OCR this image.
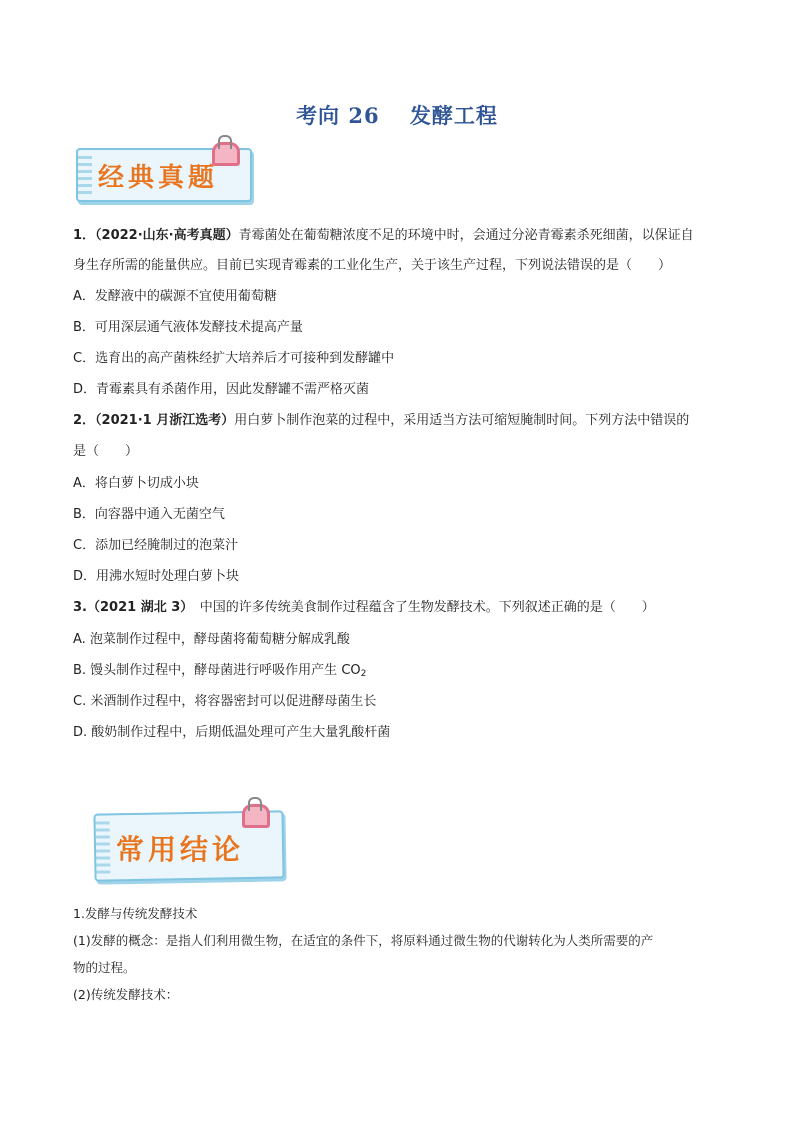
考向 26　 发酵工程
经典真题
1．（2022·山东·高考真题）青霉菌处在葡萄糖浓度不足的环境中时，会通过分泌青霉素杀死细菌，以保证自
身生存所需的能量供应。目前已实现青霉素的工业化生产，关于该生产过程，下列说法错误的是（　　）
A．发酵液中的碳源不宜使用葡萄糖
B．可用深层通气液体发酵技术提高产量
C．选育出的高产菌株经扩大培养后才可接种到发酵罐中
D．青霉素具有杀菌作用，因此发酵罐不需严格灭菌
2．（2021·1 月浙江选考）用白萝卜制作泡菜的过程中，采用适当方法可缩短腌制时间。下列方法中错误的
是（　　）
A．将白萝卜切成小块
B．向容器中通入无菌空气
C．添加已经腌制过的泡菜汁
D．用沸水短时处理白萝卜块
3.（2021 湖北 3）　中国的许多传统美食制作过程蕴含了生物发酵技术。下列叙述正确的是（　　）
A. 泡菜制作过程中，酵母菌将葡萄糖分解成乳酸
B. 馒头制作过程中，酵母菌进行呼吸作用产生 $CO_2$
C. 米酒制作过程中，将容器密封可以促进酵母菌生长
D. 酸奶制作过程中，后期低温处理可产生大量乳酸杆菌
常用结论
1.发酵与传统发酵技术
(1)发酵的概念：是指人们利用微生物，在适宜的条件下，将原料通过微生物的代谢转化为人类所需要的产
物的过程。
(2)传统发酵技术：
